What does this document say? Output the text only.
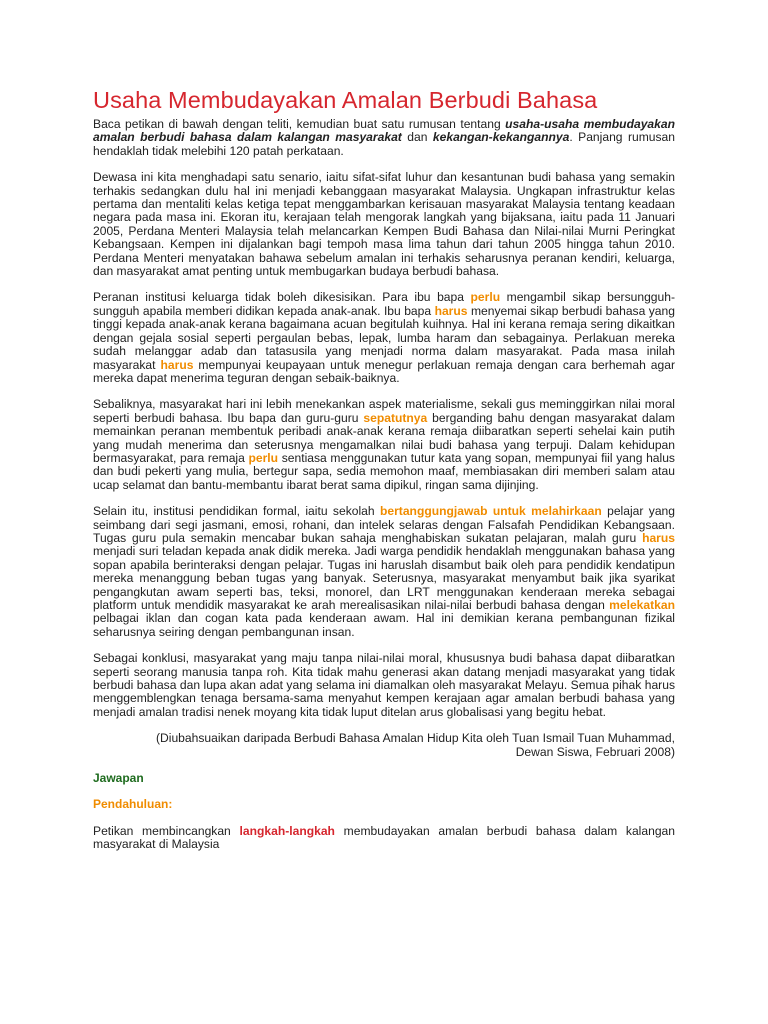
Usaha Membudayakan Amalan Berbudi Bahasa

Baca petikan di bawah dengan teliti, kemudian buat satu rumusan tentang usaha-usaha membudayakan amalan berbudi bahasa dalam kalangan masyarakat dan kekangan-kekangannya. Panjang rumusan hendaklah tidak melebihi 120 patah perkataan.

Dewasa ini kita menghadapi satu senario, iaitu sifat-sifat luhur dan kesantunan budi bahasa yang semakin terhakis sedangkan dulu hal ini menjadi kebanggaan masyarakat Malaysia. Ungkapan infrastruktur kelas pertama dan mentaliti kelas ketiga tepat menggambarkan kerisauan masyarakat Malaysia tentang keadaan negara pada masa ini. Ekoran itu, kerajaan telah mengorak langkah yang bijaksana, iaitu pada 11 Januari 2005, Perdana Menteri Malaysia telah melancarkan Kempen Budi Bahasa dan Nilai-nilai Murni Peringkat Kebangsaan. Kempen ini dijalankan bagi tempoh masa lima tahun dari tahun 2005 hingga tahun 2010. Perdana Menteri menyatakan bahawa sebelum amalan ini terhakis seharusnya peranan kendiri, keluarga, dan masyarakat amat penting untuk membugarkan budaya berbudi bahasa.

Peranan institusi keluarga tidak boleh dikesisikan. Para ibu bapa perlu mengambil sikap bersungguh-sungguh apabila memberi didikan kepada anak-anak. Ibu bapa harus menyemai sikap berbudi bahasa yang tinggi kepada anak-anak kerana bagaimana acuan begitulah kuihnya. Hal ini kerana remaja sering dikaitkan dengan gejala sosial seperti pergaulan bebas, lepak, lumba haram dan sebagainya. Perlakuan mereka sudah melanggar adab dan tatasusila yang menjadi norma dalam masyarakat. Pada masa inilah masyarakat harus mempunyai keupayaan untuk menegur perlakuan remaja dengan cara berhemah agar mereka dapat menerima teguran dengan sebaik-baiknya.

Sebaliknya, masyarakat hari ini lebih menekankan aspek materialisme, sekali gus meminggirkan nilai moral seperti berbudi bahasa. Ibu bapa dan guru-guru sepatutnya berganding bahu dengan masyarakat dalam memainkan peranan membentuk peribadi anak-anak kerana remaja diibaratkan seperti sehelai kain putih yang mudah menerima dan seterusnya mengamalkan nilai budi bahasa yang terpuji. Dalam kehidupan bermasyarakat, para remaja perlu sentiasa menggunakan tutur kata yang sopan, mempunyai fiil yang halus dan budi pekerti yang mulia, bertegur sapa, sedia memohon maaf, membiasakan diri memberi salam atau ucap selamat dan bantu-membantu ibarat berat sama dipikul, ringan sama dijinjing.

Selain itu, institusi pendidikan formal, iaitu sekolah bertanggungjawab untuk melahirkaan pelajar yang seimbang dari segi jasmani, emosi, rohani, dan intelek selaras dengan Falsafah Pendidikan Kebangsaan. Tugas guru pula semakin mencabar bukan sahaja menghabiskan sukatan pelajaran, malah guru harus menjadi suri teladan kepada anak didik mereka. Jadi warga pendidik hendaklah menggunakan bahasa yang sopan apabila berinteraksi dengan pelajar. Tugas ini haruslah disambut baik oleh para pendidik kendatipun mereka menanggung beban tugas yang banyak. Seterusnya, masyarakat menyambut baik jika syarikat pengangkutan awam seperti bas, teksi, monorel, dan LRT menggunakan kenderaan mereka sebagai platform untuk mendidik masyarakat ke arah merealisasikan nilai-nilai berbudi bahasa dengan melekatkan pelbagai iklan dan cogan kata pada kenderaan awam. Hal ini demikian kerana pembangunan fizikal seharusnya seiring dengan pembangunan insan.

Sebagai konklusi, masyarakat yang maju tanpa nilai-nilai moral, khususnya budi bahasa dapat diibaratkan seperti seorang manusia tanpa roh. Kita tidak mahu generasi akan datang menjadi masyarakat yang tidak berbudi bahasa dan lupa akan adat yang selama ini diamalkan oleh masyarakat Melayu. Semua pihak harus menggemblengkan tenaga bersama-sama menyahut kempen kerajaan agar amalan berbudi bahasa yang menjadi amalan tradisi nenek moyang kita tidak luput ditelan arus globalisasi yang begitu hebat.

(Diubahsuaikan daripada Berbudi Bahasa Amalan Hidup Kita oleh Tuan Ismail Tuan Muhammad,
Dewan Siswa, Februari 2008)

Jawapan

Pendahuluan:

Petikan membincangkan langkah-langkah membudayakan amalan berbudi bahasa dalam kalangan masyarakat di Malaysia
